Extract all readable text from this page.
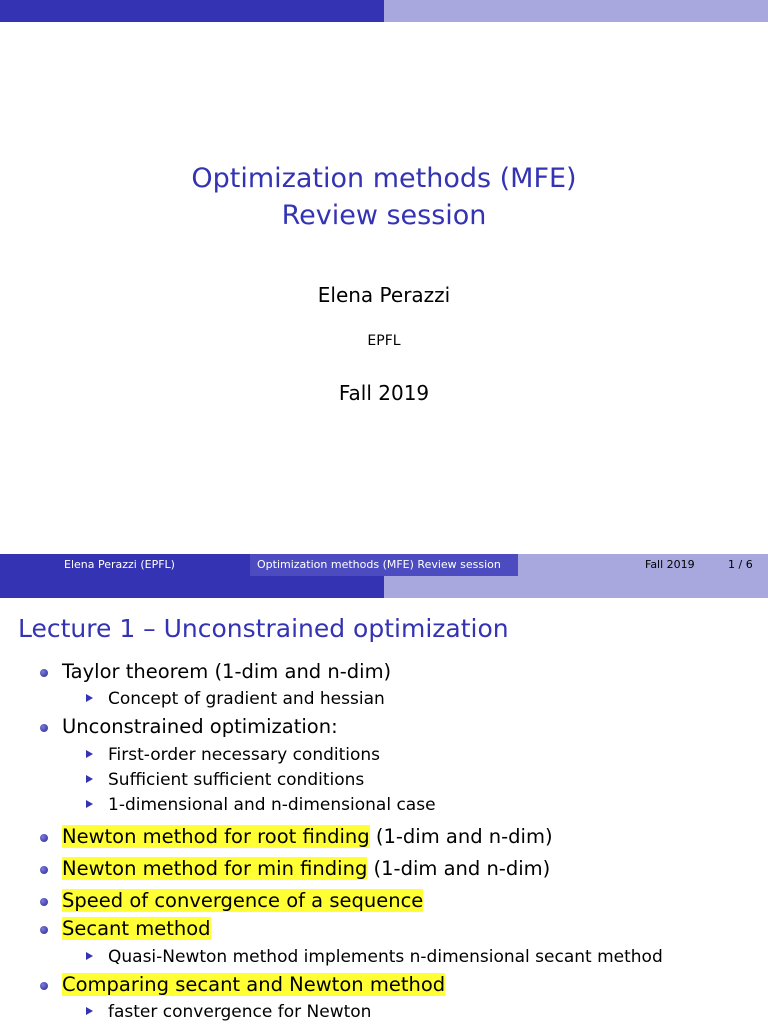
Optimization methods (MFE)
Review session
Elena Perazzi
EPFL
Fall 2019
Elena Perazzi (EPFL)	Optimization methods (MFE) Review session	Fall 2019	1 / 6
Lecture 1 – Unconstrained optimization
Taylor theorem (1-dim and n-dim)
Concept of gradient and hessian
Unconstrained optimization:
First-order necessary conditions
Sufficient sufficient conditions
1-dimensional and n-dimensional case
Newton method for root finding (1-dim and n-dim)
Newton method for min finding (1-dim and n-dim)
Speed of convergence of a sequence
Secant method
Quasi-Newton method implements n-dimensional secant method
Comparing secant and Newton method
faster convergence for Newton
